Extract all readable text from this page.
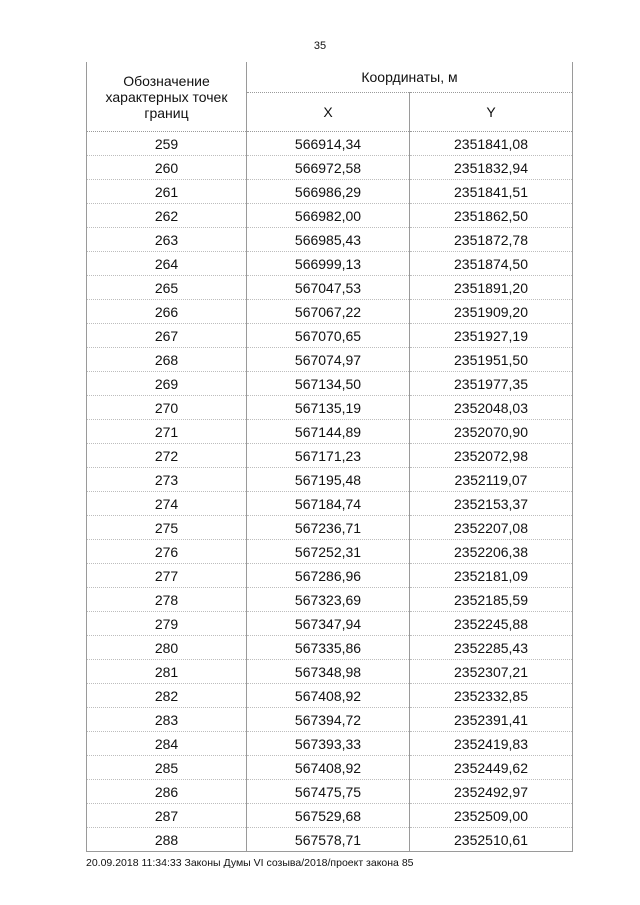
35
Обозначение характерных точек границ	Координаты, м	
	X	Y
259	566914,34	2351841,08
260	566972,58	2351832,94
261	566986,29	2351841,51
262	566982,00	2351862,50
263	566985,43	2351872,78
264	566999,13	2351874,50
265	567047,53	2351891,20
266	567067,22	2351909,20
267	567070,65	2351927,19
268	567074,97	2351951,50
269	567134,50	2351977,35
270	567135,19	2352048,03
271	567144,89	2352070,90
272	567171,23	2352072,98
273	567195,48	2352119,07
274	567184,74	2352153,37
275	567236,71	2352207,08
276	567252,31	2352206,38
277	567286,96	2352181,09
278	567323,69	2352185,59
279	567347,94	2352245,88
280	567335,86	2352285,43
281	567348,98	2352307,21
282	567408,92	2352332,85
283	567394,72	2352391,41
284	567393,33	2352419,83
285	567408,92	2352449,62
286	567475,75	2352492,97
287	567529,68	2352509,00
288	567578,71	2352510,61
20.09.2018 11:34:33 Законы Думы VI созыва/2018/проект закона 85
